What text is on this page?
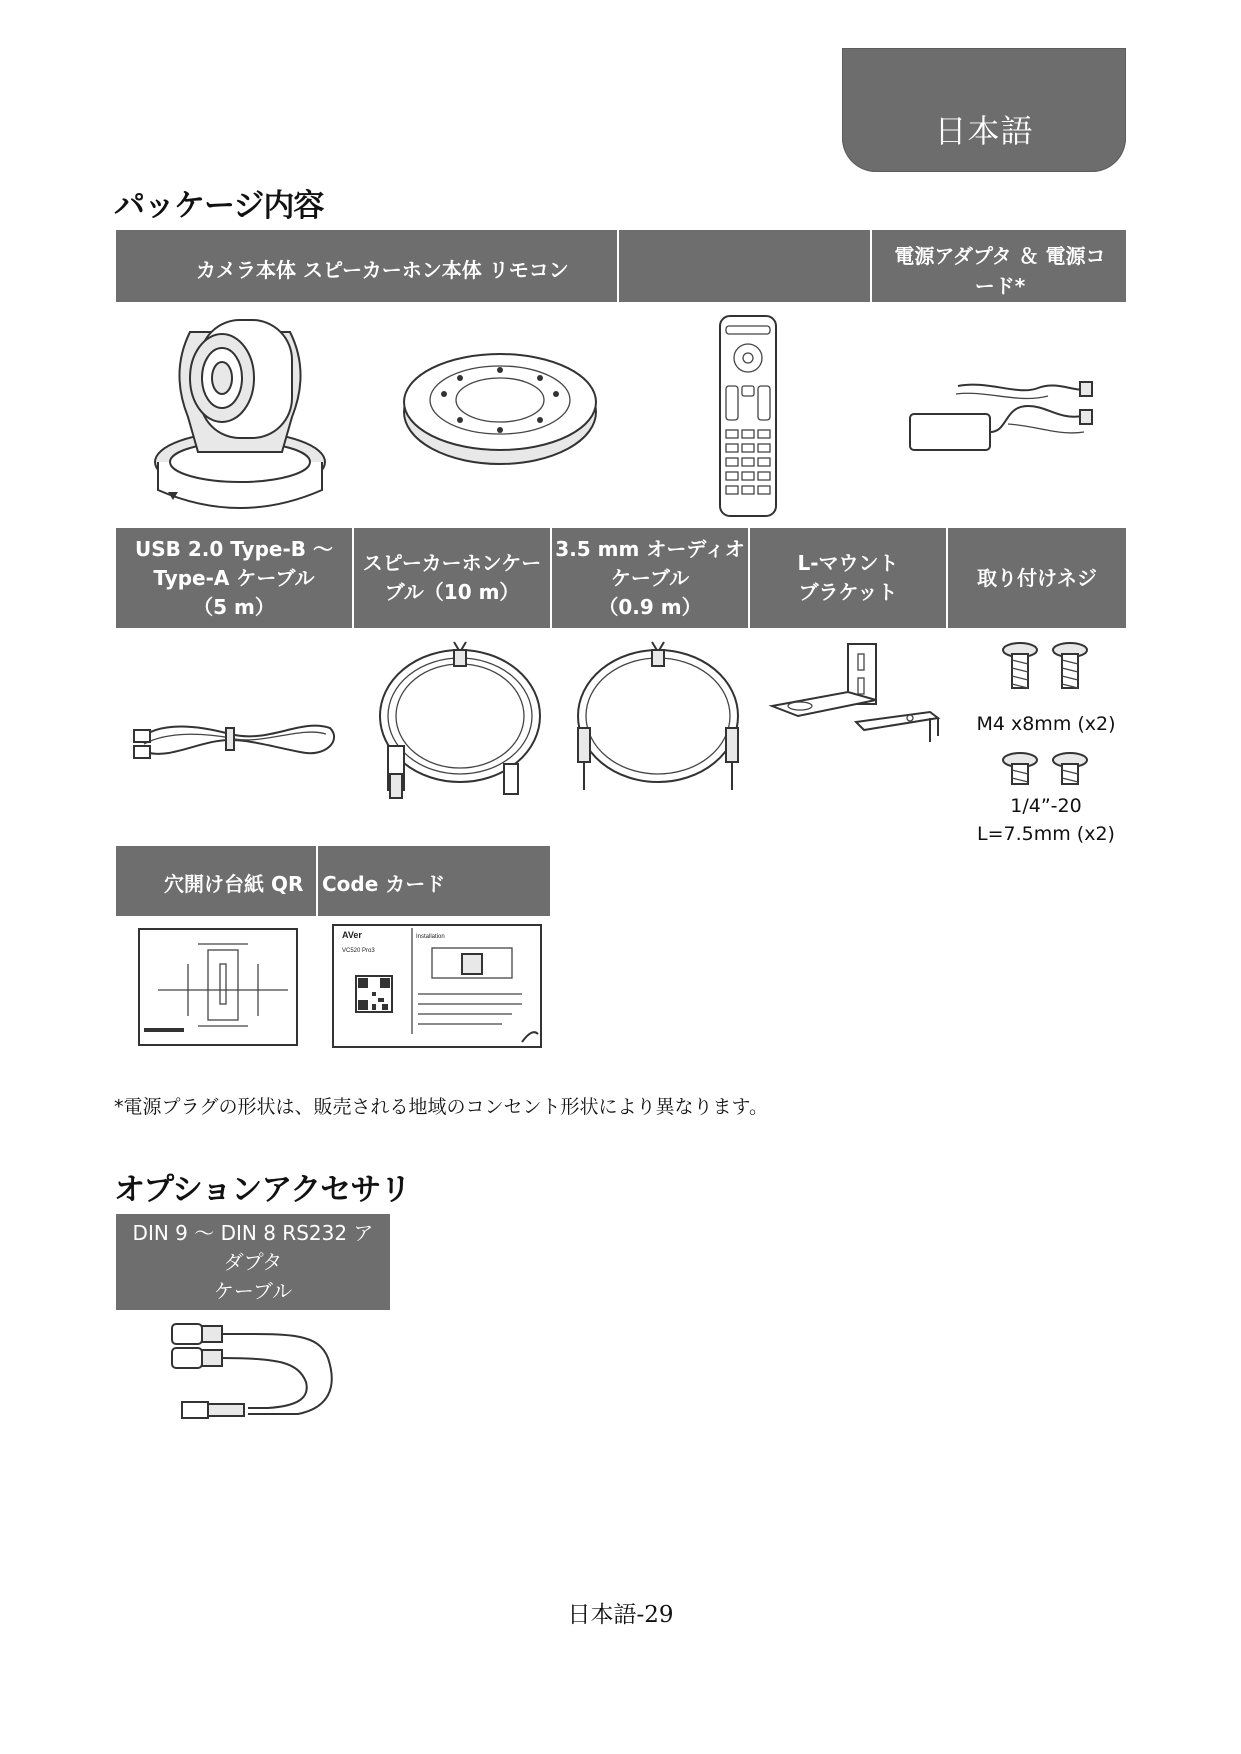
日本語
パッケージ内容
カメラ本体 スピーカーホン本体 リモコン
電源アダプタ ＆ 電源コ
ード*
USB 2.0 Type-B ～
Type-A ケーブル
（5 m）
スピーカーホンケー
ブル（10 m）
3.5 mm オーディオ
ケーブル
（0.9 m）
L-マウント
ブラケット
取り付けネジ
M4 x8mm (x2)
1/4”-20
L=7.5mm (x2)
穴開け台紙 QR Code カード
AVer
VC520 Pro3
Installation
*電源プラグの形状は、販売される地域のコンセント形状により異なります。
オプションアクセサリ
DIN 9 ～ DIN 8 RS232 ア
ダプタ
ケーブル
日本語-29
